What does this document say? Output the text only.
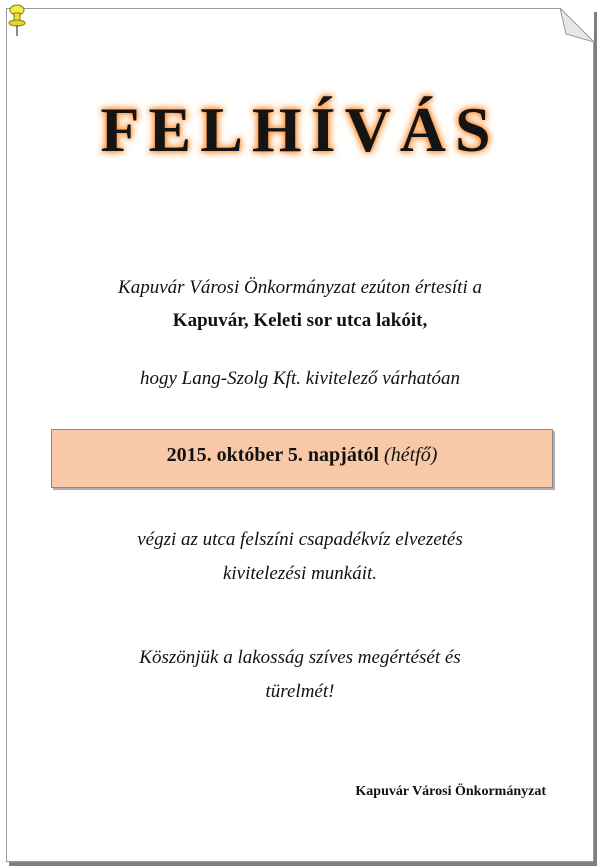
FELHÍVÁS
Kapuvár Városi Önkormányzat ezúton értesíti a
Kapuvár, Keleti sor utca lakóit,
hogy Lang-Szolg Kft. kivitelező várhatóan
2015. október 5. napjától (hétfő)
végzi az utca felszíni csapadékvíz elvezetés
kivitelezési munkáit.
Köszönjük a lakosság szíves megértését és
türelmét!
Kapuvár Városi Önkormányzat
